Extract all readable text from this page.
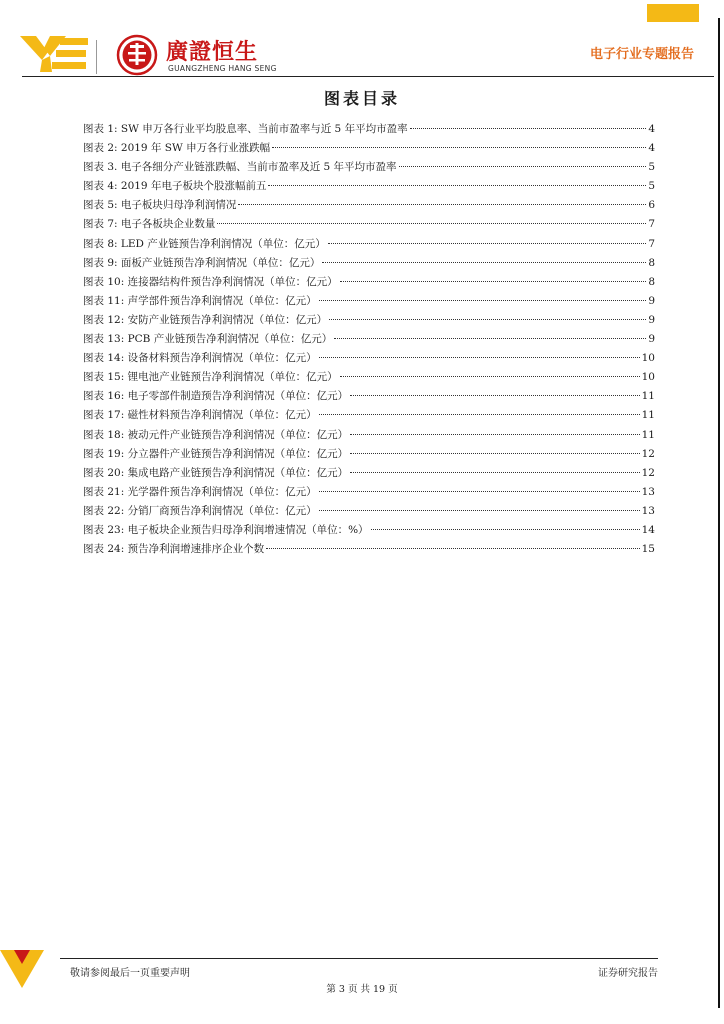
廣證恒生
GUANGZHENG HANG SENG
电子行业专题报告
图表目录
图表 1: SW 申万各行业平均股息率、当前市盈率与近 5 年平均市盈率	4
图表 2: 2019 年 SW 申万各行业涨跌幅	4
图表 3. 电子各细分产业链涨跌幅、当前市盈率及近 5 年平均市盈率	5
图表 4: 2019 年电子板块个股涨幅前五	5
图表 5: 电子板块归母净利润情况	6
图表 7: 电子各板块企业数量	7
图表 8: LED 产业链预告净利润情况（单位：亿元）	7
图表 9: 面板产业链预告净利润情况（单位：亿元）	8
图表 10: 连接器结构件预告净利润情况（单位：亿元）	8
图表 11: 声学部件预告净利润情况（单位：亿元）	9
图表 12: 安防产业链预告净利润情况（单位：亿元）	9
图表 13: PCB 产业链预告净利润情况（单位：亿元）	9
图表 14: 设备材料预告净利润情况（单位：亿元）	10
图表 15: 锂电池产业链预告净利润情况（单位：亿元）	10
图表 16: 电子零部件制造预告净利润情况（单位：亿元）	11
图表 17: 磁性材料预告净利润情况（单位：亿元）	11
图表 18: 被动元件产业链预告净利润情况（单位：亿元）	11
图表 19: 分立器件产业链预告净利润情况（单位：亿元）	12
图表 20: 集成电路产业链预告净利润情况（单位：亿元）	12
图表 21: 光学器件预告净利润情况（单位：亿元）	13
图表 22: 分销厂商预告净利润情况（单位：亿元）	13
图表 23: 电子板块企业预告归母净利润增速情况（单位：%）	14
图表 24: 预告净利润增速排序企业个数	15
敬请参阅最后一页重要声明	证券研究报告
第 3 页 共 19 页
